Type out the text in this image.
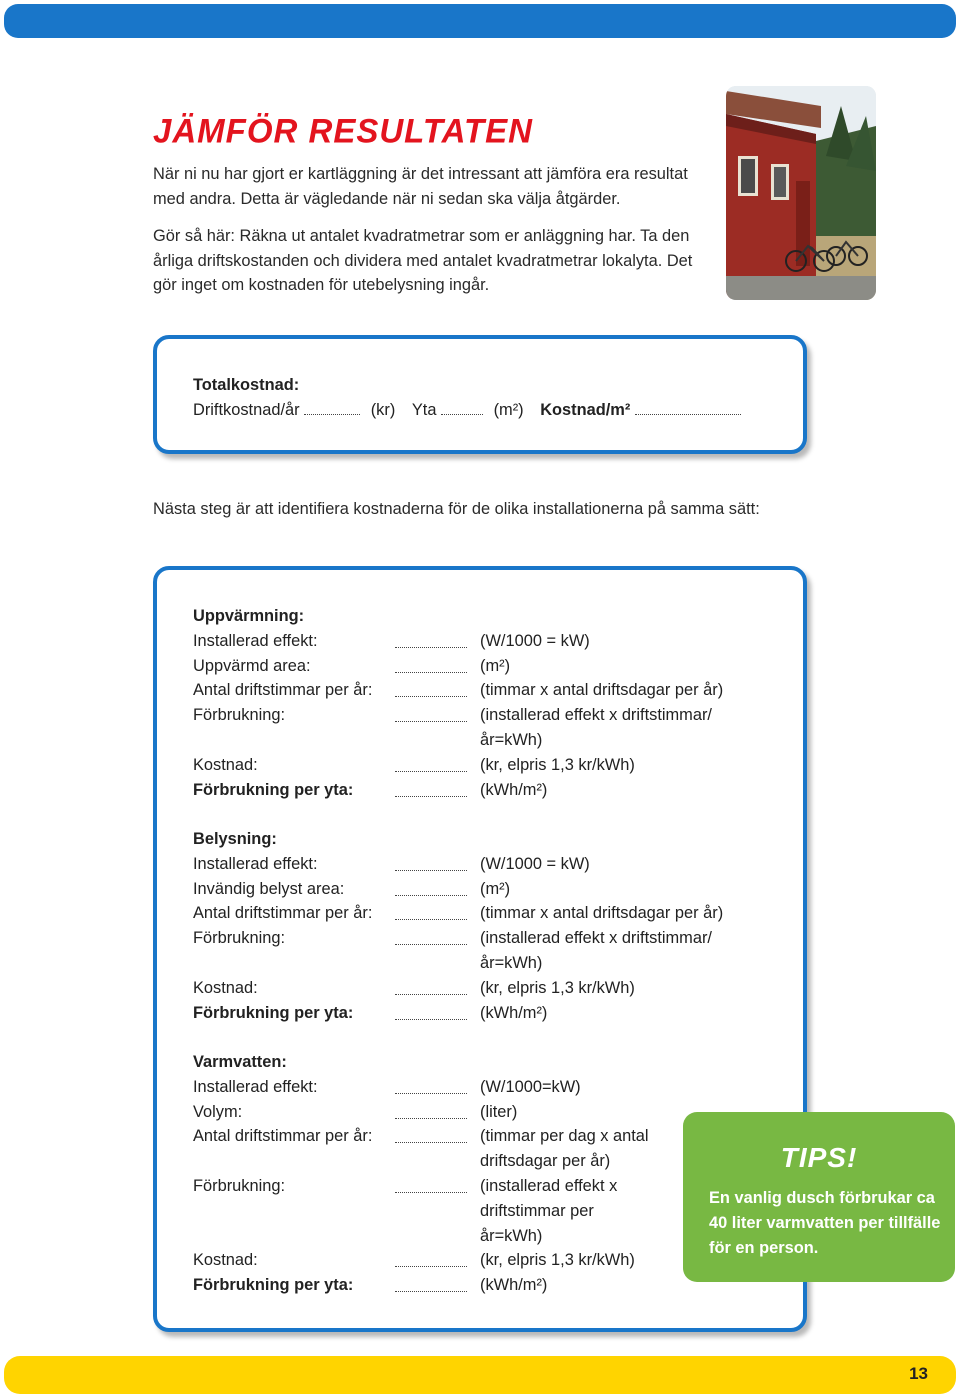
JÄMFÖR RESULTATEN

När ni nu har gjort er kartläggning är det intressant att jämföra era resultat med andra. Detta är vägledande när ni sedan ska välja åtgärder.

Gör så här: Räkna ut antalet kvadratmetrar som er anläggning har. Ta den årliga driftskostanden och dividera med antalet kvadratmetrar lokalyta. Det gör inget om kostnaden för utebelysning ingår.

Totalkostnad:
Driftkostnad/år	(kr) Yta	(m²) Kostnad/m²
Nästa steg är att identifiera kostnaderna för de olika installationerna på samma sätt:
Uppvärmning:
Installerad effekt:	(W/1000 = kW)
Uppvärmd area:	(m²)
Antal driftstimmar per år:	(timmar x antal driftsdagar per år)
Förbrukning:	(installerad effekt x driftstimmar/ år=kWh)
Kostnad:	(kr, elpris 1,3 kr/kWh)
Förbrukning per yta:	(kWh/m²)
Belysning:
Installerad effekt:	(W/1000 = kW)
Invändig belyst area:	(m²)
Antal driftstimmar per år:	(timmar x antal driftsdagar per år)
Förbrukning:	(installerad effekt x driftstimmar/ år=kWh)
Kostnad:	(kr, elpris 1,3 kr/kWh)
Förbrukning per yta:	(kWh/m²)
Varmvatten:
Installerad effekt:	(W/1000=kW)
Volym:	(liter)
Antal driftstimmar per år:	(timmar per dag x antal driftsdagar per år)
Förbrukning:	(installerad effekt x driftstimmar per år=kWh)
Kostnad:	(kr, elpris 1,3 kr/kWh)
Förbrukning per yta:	(kWh/m²)
TIPS!
En vanlig dusch förbrukar ca 40 liter varmvatten per tillfälle för en person.
13
